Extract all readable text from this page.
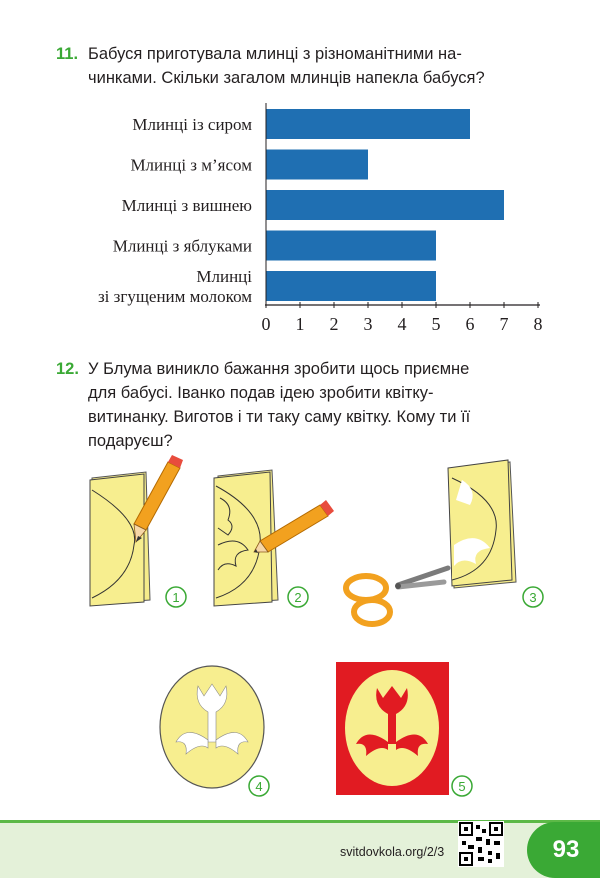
11. Бабуся приготувала млинці з різноманітними на-
чинками. Скільки загалом млинців напекла бабуся?
Млинці із сиром
Млинці з м’ясом
Млинці з вишнею
Млинці з яблуками
Млинці
зі згущеним молоком
0 1 2 3 4 5 6 7 8
12. У Блума виникло бажання зробити щось приємне
для бабусі. Іванко подав ідею зробити квітку-
витинанку. Виготов і ти таку саму квітку. Кому ти її
подаруєш?
1	2	3
4	5
svitdovkola.org/2/3	93
